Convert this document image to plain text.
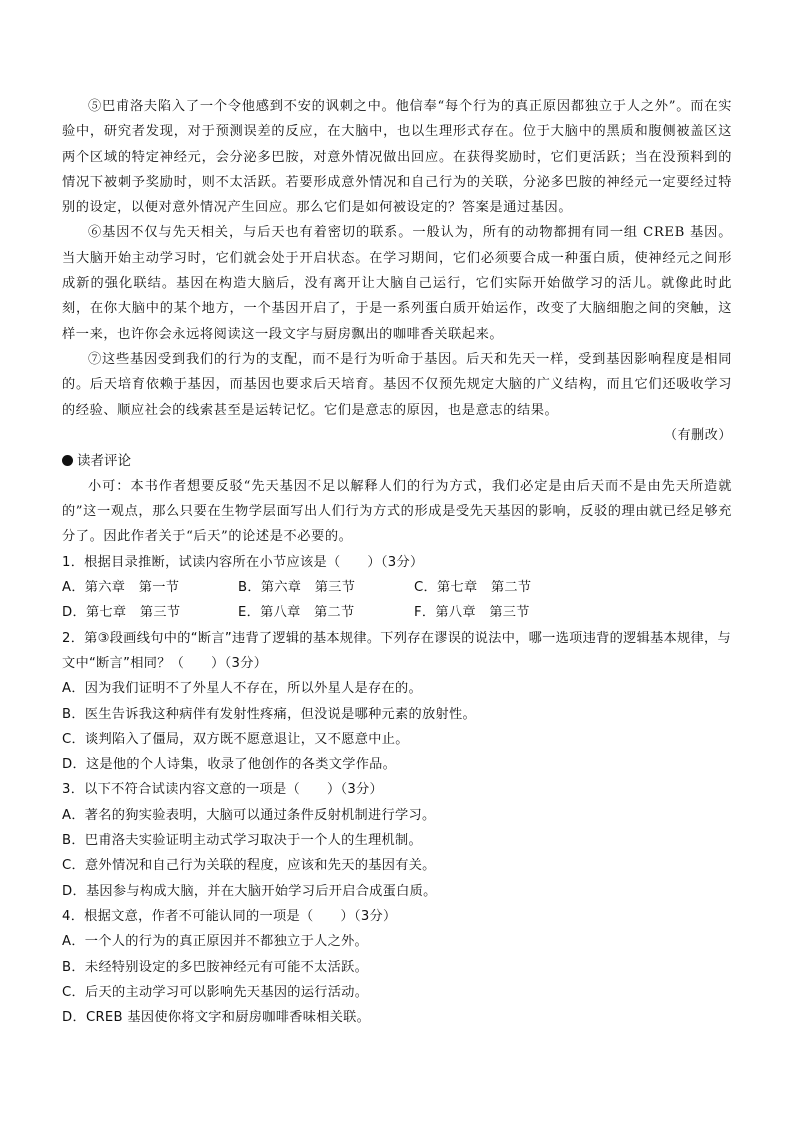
⑤巴甫洛夫陷入了一个令他感到不安的讽刺之中。他信奉“每个行为的真正原因都独立于人之外”。而在实验中，研究者发现，对于预测误差的反应，在大脑中，也以生理形式存在。位于大脑中的黑质和腹侧被盖区这两个区域的特定神经元，会分泌多巴胺，对意外情况做出回应。在获得奖励时，它们更活跃；当在没预料到的情况下被刺予奖励时，则不太活跃。若要形成意外情况和自己行为的关联，分泌多巴胺的神经元一定要经过特别的设定，以便对意外情况产生回应。那么它们是如何被设定的？答案是通过基因。

⑥基因不仅与先天相关，与后天也有着密切的联系。一般认为，所有的动物都拥有同一组 CREB 基因。当大脑开始主动学习时，它们就会处于开启状态。在学习期间，它们必须要合成一种蛋白质，使神经元之间形成新的强化联结。基因在构造大脑后，没有离开让大脑自己运行，它们实际开始做学习的活儿。就像此时此刻，在你大脑中的某个地方，一个基因开启了，于是一系列蛋白质开始运作，改变了大脑细胞之间的突触，这样一来，也许你会永远将阅读这一段文字与厨房飘出的咖啡香关联起来。

⑦这些基因受到我们的行为的支配，而不是行为听命于基因。后天和先天一样，受到基因影响程度是相同的。后天培育依赖于基因，而基因也要求后天培育。基因不仅预先规定大脑的广义结构，而且它们还吸收学习的经验、顺应社会的线索甚至是运转记忆。它们是意志的原因，也是意志的结果。

（有删改）
读者评论

小可：本书作者想要反驳“先天基因不足以解释人们的行为方式，我们必定是由后天而不是由先天所造就的”这一观点，那么只要在生物学层面写出人们行为方式的形成是受先天基因的影响，反驳的理由就已经足够充分了。因此作者关于“后天”的论述是不必要的。

1．根据目录推断，试读内容所在小节应该是（　　）（3分）

A．第六章　第一节	B．第六章　第三节	C．第七章　第二节
D．第七章　第三节	E．第八章　第二节	F．第八章　第三节

2．第③段画线句中的“断言”违背了逻辑的基本规律。下列存在谬误的说法中，哪一选项违背的逻辑基本规律，与文中“断言”相同？（　　）（3分）

A．因为我们证明不了外星人不存在，所以外星人是存在的。

B．医生告诉我这种病伴有发射性疼痛，但没说是哪种元素的放射性。

C．谈判陷入了僵局，双方既不愿意退让，又不愿意中止。

D．这是他的个人诗集，收录了他创作的各类文学作品。

3．以下不符合试读内容文意的一项是（　　）（3分）

A．著名的狗实验表明，大脑可以通过条件反射机制进行学习。

B．巴甫洛夫实验证明主动式学习取决于一个人的生理机制。

C．意外情况和自己行为关联的程度，应该和先天的基因有关。

D．基因参与构成大脑，并在大脑开始学习后开启合成蛋白质。

4．根据文意，作者不可能认同的一项是（　　）（3分）

A．一个人的行为的真正原因并不都独立于人之外。

B．未经特别设定的多巴胺神经元有可能不太活跃。

C．后天的主动学习可以影响先天基因的运行活动。

D．CREB 基因使你将文字和厨房咖啡香味相关联。
